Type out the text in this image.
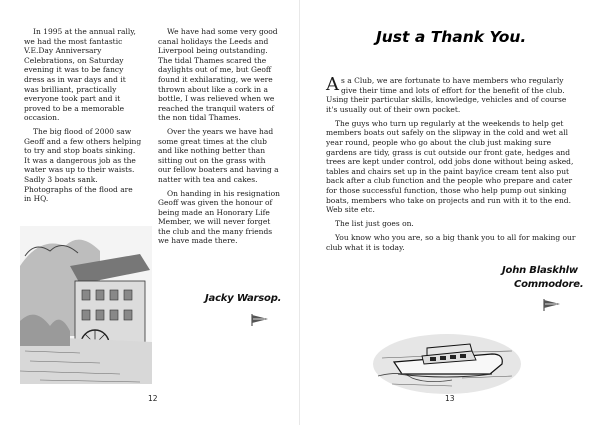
In 1995 at the annual rally, we had the most fantastic V.E.Day Anniversary Celebrations, on Saturday evening it was to be fancy dress as in war days and it was brilliant, practically everyone took part and it proved to be a memorable occasion.

The big flood of 2000 saw Geoff and a few others helping to try and stop boats sinking. It was a dangerous job as the water was up to their waists. Sadly 3 boats sank. Photographs of the flood are in HQ.

We have had some very good canal holidays the Leeds and Liverpool being outstanding. The tidal Thames scared the daylights out of me, but Geoff found it exhilarating, we were thrown about like a cork in a bottle, I was relieved when we reached the tranquil waters of the non tidal Thames.

Over the years we have had some great times at the club and like nothing better than sitting out on the grass with our fellow boaters and having a natter with tea and cakes.

On handing in his resignation Geoff was given the honour of being made an Honorary Life Member, we will never forget the club and the many friends we have made there.

Jacky Warsop.
12
Just a Thank You.

As a Club, we are fortunate to have members who regularly give their time and lots of effort for the benefit of the club. Using their particular skills, knowledge, vehicles and of course it's usually out of their own pocket.

The guys who turn up regularly at the weekends to help get members boats out safely on the slipway in the cold and wet all year round, people who go about the club just making sure gardens are tidy, grass is cut outside our front gate, hedges and trees are kept under control, odd jobs done without being asked, tables and chairs set up in the paint bay/ice cream tent also put back after a club function and the people who prepare and cater for those successful function, those who help pump out sinking boats, members who take on projects and run with it to the end. Web site etc.

The list just goes on.

You know who you are, so a big thank you to all for making our club what it is today.

John Blaskhlw
Commodore.
13
